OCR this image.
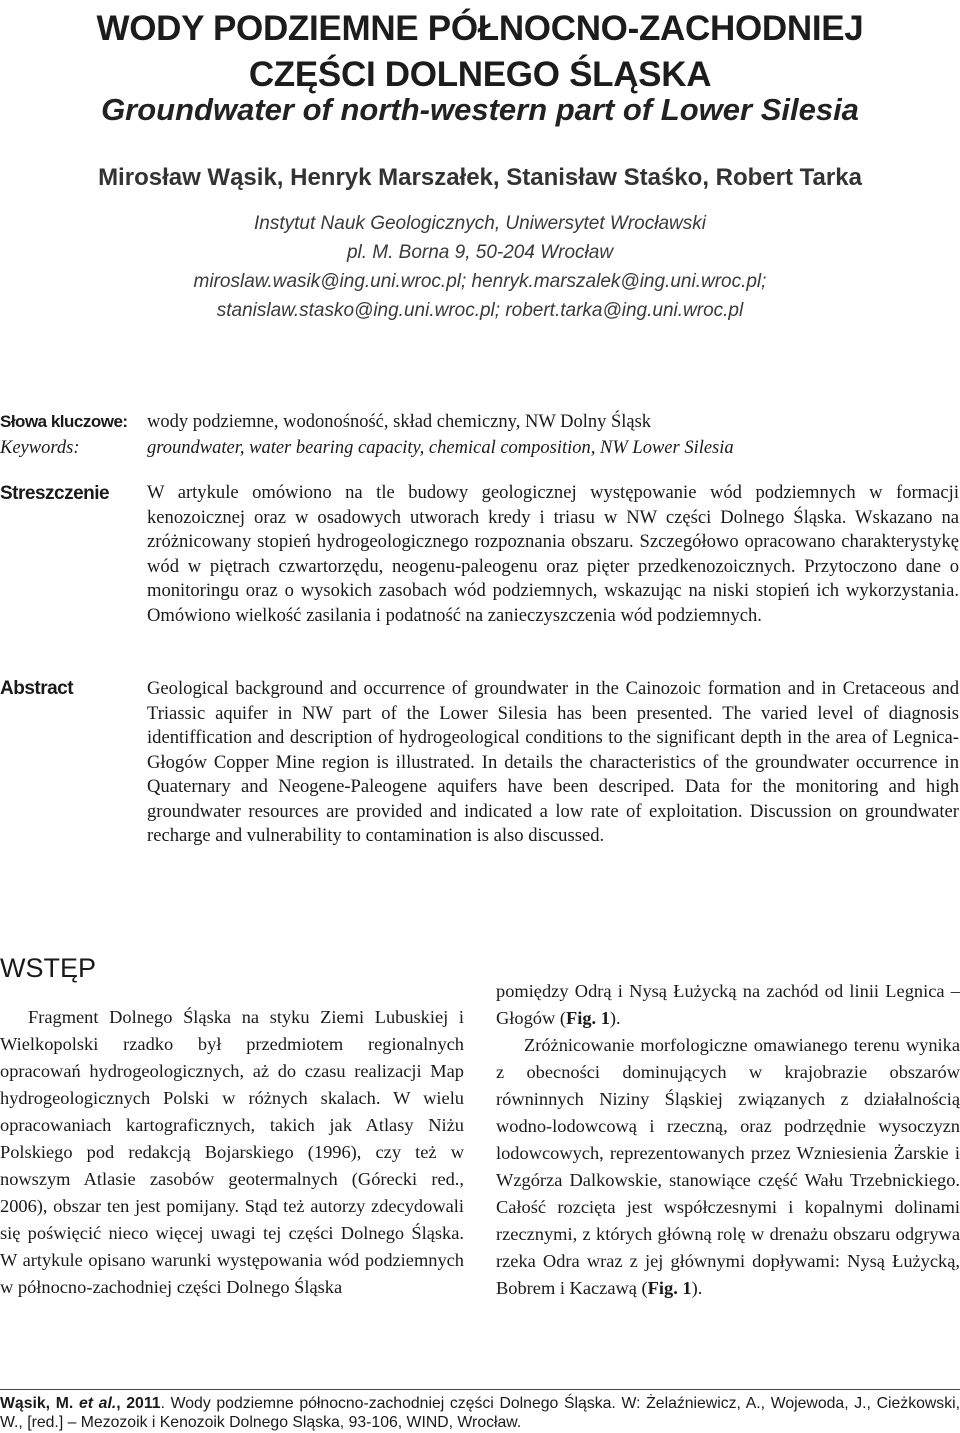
WODY PODZIEMNE PÓŁNOCNO-ZACHODNIEJ
CZĘŚCI DOLNEGO ŚLĄSKA
Groundwater of north-western part of Lower Silesia
Mirosław Wąsik, Henryk Marszałek, Stanisław Staśko, Robert Tarka
Instytut Nauk Geologicznych, Uniwersytet Wrocławski
pl. M. Borna 9, 50-204 Wrocław
miroslaw.wasik@ing.uni.wroc.pl; henryk.marszalek@ing.uni.wroc.pl;
stanislaw.stasko@ing.uni.wroc.pl; robert.tarka@ing.uni.wroc.pl
Słowa kluczowe: wody podziemne, wodonośność, skład chemiczny, NW Dolny Śląsk
Keywords:	groundwater, water bearing capacity, chemical composition, NW Lower Silesia
Streszczenie W artykule omówiono na tle budowy geologicznej występowanie wód podziemnych w formacji kenozoicznej oraz w osadowych utworach kredy i triasu w NW części Dolnego Śląska. Wskazano na zróżnicowany stopień hydrogeologicznego rozpoznania obszaru. Szczegółowo opracowano charakterystykę wód w piętrach czwartorzędu, neogenu-paleogenu oraz pięter przedkenozoicznych. Przytoczono dane o monitoringu oraz o wysokich zasobach wód podziemnych, wskazując na niski stopień ich wykorzystania. Omówiono wielkość zasilania i podatność na zanieczyszczenia wód podziemnych.
Abstract	Geological background and occurrence of groundwater in the Cainozoic formation and in Cretaceous and Triassic aquifer in NW part of the Lower Silesia has been presented. The varied level of diagnosis identiffication and description of hydrogeological conditions to the significant depth in the area of Legnica-Głogów Copper Mine region is illustrated. In details the characteristics of the groundwater occurrence in Quaternary and Neogene-Paleogene aquifers have been descriped. Data for the monitoring and high groundwater resources are provided and indicated a low rate of exploitation. Discussion on groundwater recharge and vulnerability to contamination is also discussed.
WSTĘP

Fragment Dolnego Śląska na styku Ziemi Lubuskiej i Wielkopolski rzadko był przedmiotem regionalnych opracowań hydrogeologicznych, aż do czasu realizacji Map hydrogeologicznych Polski w różnych skalach. W wielu opracowaniach kartograficznych, takich jak Atlasy Niżu Polskiego pod redakcją Bojarskiego (1996), czy też w nowszym Atlasie zasobów geotermalnych (Górecki red., 2006), obszar ten jest pomijany. Stąd też autorzy zdecydowali się poświęcić nieco więcej uwagi tej części Dolnego Śląska. W artykule opisano warunki występowania wód podziemnych w północno-zachodniej części Dolnego Śląska

pomiędzy Odrą i Nysą Łużycką na zachód od linii Legnica – Głogów (Fig. 1).

Zróżnicowanie morfologiczne omawianego terenu wynika z obecności dominujących w krajobrazie obszarów równinnych Niziny Śląskiej związanych z działalnością wodno-lodowcową i rzeczną, oraz podrzędnie wysoczyzn lodowcowych, reprezentowanych przez Wzniesienia Żarskie i Wzgórza Dalkowskie, stanowiące część Wału Trzebnickiego. Całość rozcięta jest współczesnymi i kopalnymi dolinami rzecznymi, z których główną rolę w drenażu obszaru odgrywa rzeka Odra wraz z jej głównymi dopływami: Nysą Łużycką, Bobrem i Kaczawą (Fig. 1).

Wąsik, M. et al., 2011. Wody podziemne północno-zachodniej części Dolnego Śląska. W: Żelaźniewicz, A., Wojewoda, J., Cieżkowski, W., [red.] – Mezozoik i Kenozoik Dolnego Sląska, 93-106, WIND, Wrocław.
